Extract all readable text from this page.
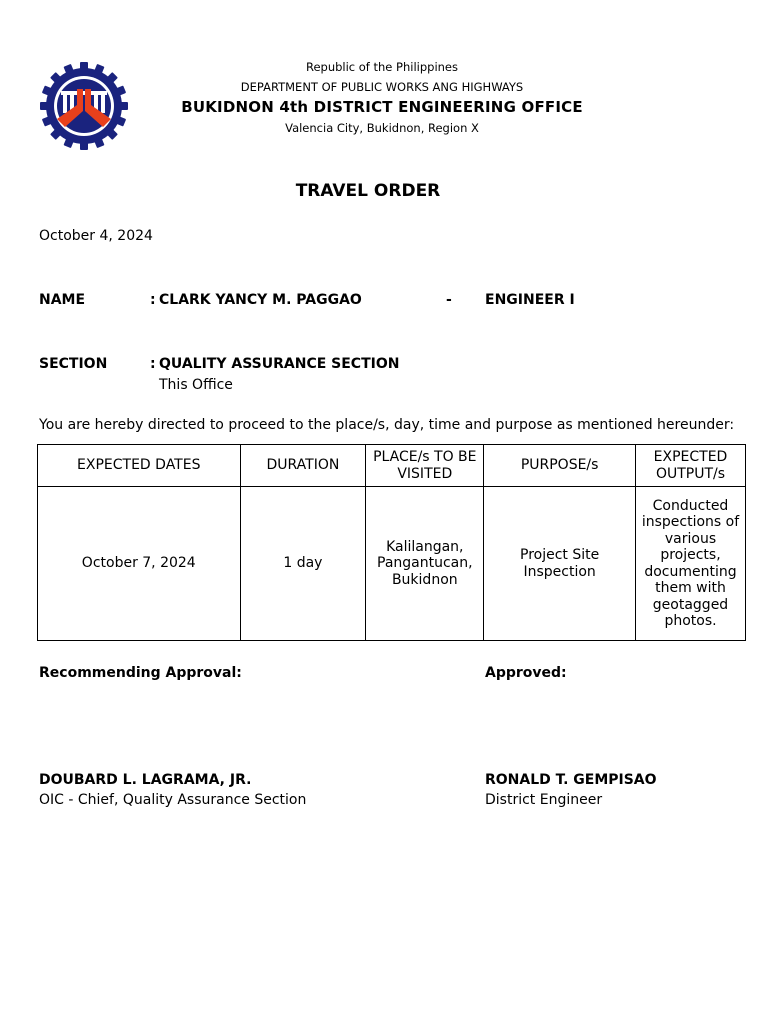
Republic of the Philippines
DEPARTMENT OF PUBLIC WORKS ANG HIGHWAYS
BUKIDNON 4th DISTRICT ENGINEERING OFFICE
Valencia City, Bukidnon, Region X
TRAVEL ORDER
October 4, 2024
NAME	: CLARK YANCY M. PAGGAO	- ENGINEER I
SECTION	: QUALITY ASSURANCE SECTION
This Office
You are hereby directed to proceed to the place/s, day, time and purpose as mentioned hereunder:
EXPECTED DATES	DURATION	PLACE/s TO BE VISITED	PURPOSE/s	EXPECTED OUTPUT/s
October 7, 2024	1 day	Kalilangan, Pangantucan, Bukidnon	Project Site Inspection	Conducted inspections of various projects, documenting them with geotagged photos.
Recommending Approval:	Approved:
DOUBARD L. LAGRAMA, JR.
OIC - Chief, Quality Assurance Section
RONALD T. GEMPISAO
District Engineer
